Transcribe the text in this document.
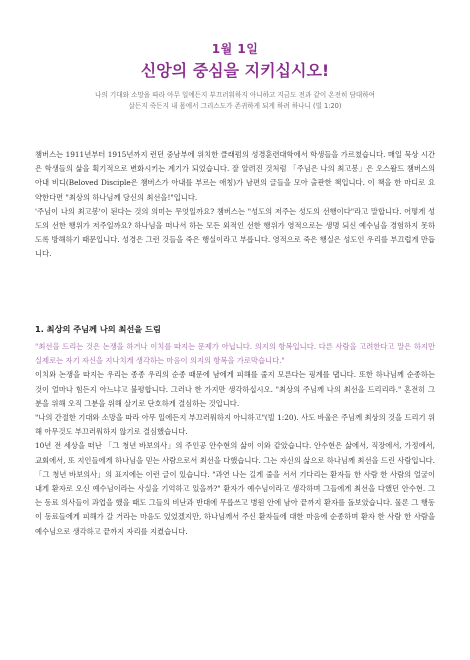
1월 1일
신앙의 중심을 지키십시오!
나의 기대와 소망을 따라 아무 일에든지 부끄러워하지 아니하고 지금도 전과 같이 온전히 담대하여
살든지 죽든지 내 몸에서 그리스도가 존귀하게 되게 하려 하나니 (빌 1:20)

챔버스는 1911년부터 1915년까지 런던 중남부에 위치한 클래펌의 성경훈련대학에서 학생들을 가르쳤습니다. 매일 묵상 시간은 학생들의 삶을 획기적으로 변화시키는 계기가 되었습니다. 잘 알려진 것처럼 「주님은 나의 최고봉」은 오스왈드 챔버스의 아내 비디(Beloved Disciple은 챔버스가 아내를 부르는 애칭)가 남편의 글들을 모아 출판한 책입니다. 이 책을 한 마디로 요약한다면 "최상의 하나님께 당신의 최선을!"입니다.

'주님이 나의 최고봉'이 된다는 것의 의미는 무엇일까요? 챔버스는 "성도의 저주는 성도의 선행이다"라고 말합니다. 어떻게 성도의 선한 행위가 저주일까요? 하나님을 떠나서 하는 모든 외적인 선한 행위가 영적으로는 생명 되신 예수님을 경험하지 못하도록 방해하기 때문입니다. 성경은 그런 것들을 죽은 행실이라고 부릅니다. 영적으로 죽은 행실은 성도인 우리를 부끄럽게 만듭니다.

1. 최상의 주님께 나의 최선을 드림

"최선을 드리는 것은 논쟁을 하거나 이치를 따지는 문제가 아닙니다. 의지의 항복입니다. 다른 사람을 고려한다고 말은 하지만 실제로는 자기 자신을 지나치게 생각하는 마음이 의지의 항복을 가로막습니다."

이치와 논쟁을 따지는 우리는 종종 우리의 순종 때문에 남에게 피해를 줄지 모른다는 핑계를 댑니다. 또한 하나님께 순종하는 것이 얼마나 힘든지 아느냐고 불평합니다. 그러나 한 가지만 생각하십시오. "최상의 주님께 나의 최선을 드리리라." 혼전히 그분을 위해 오직 그분을 위해 살기로 단호하게 결심하는 것입니다.

"나의 간절한 기대와 소망을 따라 아무 일에든지 부끄러워하지 아니하고"(빌 1:20). 사도 바울은 주님께 최상의 것을 드리기 위해 아무것도 부끄러워하지 않기로 결심했습니다.

10년 전 세상을 떠난 「그 청년 바보의사」의 주인공 안수현의 삶이 이와 같았습니다. 안수현은 삶에서, 직장에서, 가정에서, 교회에서, 또 지인들에게 하나님을 믿는 사람으로서 최선을 다했습니다. 그는 자신의 삶으로 하나님께 최선을 드린 사람입니다. 「그 청년 바보의사」의 표지에는 이런 글이 있습니다. "과연 나는 길게 줄을 서서 기다리는 환자들 한 사람 한 사람의 얼굴이 내게 환자로 오신 예수님이라는 사실을 기억하고 있을까?" 환자가 예수님이라고 생각하며 그들에게 최선을 다했던 안수현. 그는 동료 의사들이 과업을 했을 때도 그들의 비난과 반대에 무릅쓰고 병원 안에 남아 끝까지 환자를 돌보았습니다. 물론 그 행동이 동료들에게 피해가 갈 거라는 마음도 있었겠지만, 하나님께서 주신 환자들에 대한 마음에 순종하며 환자 한 사람 한 사람을 예수님으로 생각하고 끝까지 자리를 지켰습니다.
